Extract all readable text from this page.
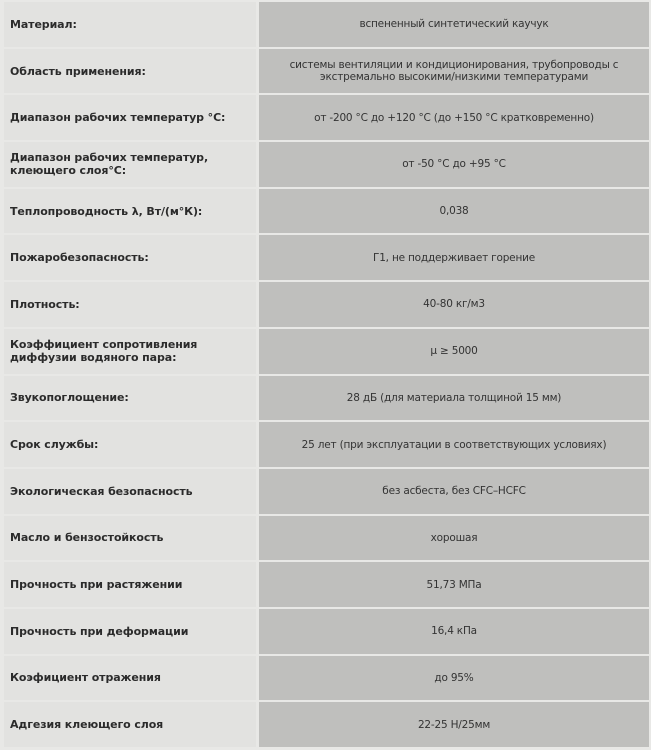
Материал:	вспененный синтетический каучук
Область применения:	системы вентиляции и кондиционирования, трубопроводы с экстремально высокими/низкими температурами
Диапазон рабочих температур °С:	от -200 °С до +120 °С (до +150 °С кратковременно)
Диапазон рабочих температур, клеющего слоя°С:	от -50 °С до +95 °С
Теплопроводность λ, Вт/(м°К):	0,038
Пожаробезопасность:	Г1, не поддерживает горение
Плотность:	40-80 кг/м3
Коэффициент сопротивления диффузии водяного пара:	μ ≥ 5000
Звукопоглощение:	28 дБ (для материала толщиной 15 мм)
Срок службы:	25 лет (при эксплуатации в соответствующих условиях)
Экологическая безопасность	без асбеста, без CFC–HCFC
Масло и бензостойкость	хорошая
Прочность при растяжении	51,73 МПа
Прочность при деформации	16,4 кПа
Коэфициент отражения	до 95%
Адгезия клеющего слоя	22-25 Н/25мм
